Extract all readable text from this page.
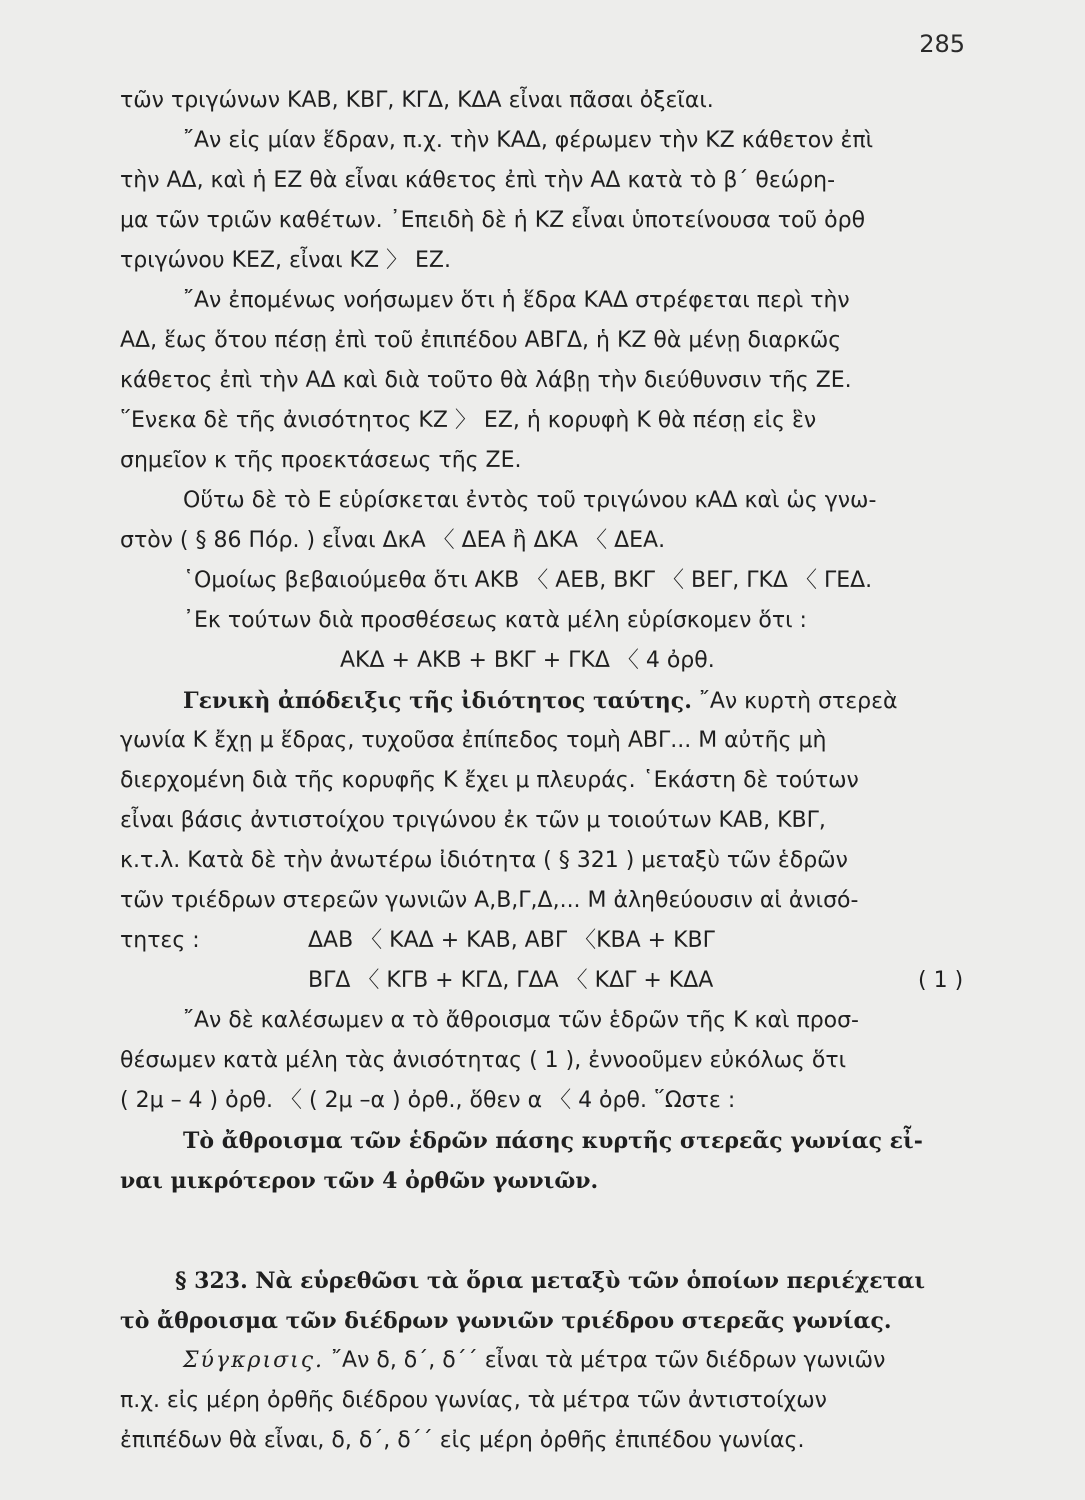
285
τῶν τριγώνων ΚΑΒ, ΚΒΓ, ΚΓΔ, ΚΔΑ εἶναι πᾶσαι ὀξεῖαι.
῎Αν εἰς μίαν ἕδραν, π.χ. τὴν ΚΑΔ, φέρωμεν τὴν ΚΖ κάθετον ἐπὶ
τὴν ΑΔ, καὶ ἡ ΕΖ θὰ εἶναι κάθετος ἐπὶ τὴν ΑΔ κατὰ τὸ β΄ θεώρη-
μα τῶν τριῶν καθέτων. ᾿Επειδὴ δὲ ἡ ΚΖ εἶναι ὑποτείνουσα τοῦ ὀρθ
τριγώνου ΚΕΖ, εἶναι ΚΖ 〉 ΕΖ.
῎Αν ἐπομένως νοήσωμεν ὅτι ἡ ἕδρα ΚΑΔ στρέφεται περὶ τὴν
ΑΔ, ἕως ὅτου πέσῃ ἐπὶ τοῦ ἐπιπέδου ΑΒΓΔ, ἡ ΚΖ θὰ μένῃ διαρκῶς
κάθετος ἐπὶ τὴν ΑΔ καὶ διὰ τοῦτο θὰ λάβῃ τὴν διεύθυνσιν τῆς ΖΕ.
῞Ενεκα δὲ τῆς ἀνισότητος ΚΖ 〉 ΕΖ, ἡ κορυφὴ Κ θὰ πέσῃ εἰς ἓν
σημεῖον κ τῆς προεκτάσεως τῆς ΖΕ.
Οὕτω δὲ τὸ Ε εὑρίσκεται ἐντὸς τοῦ τριγώνου κΑΔ καὶ ὡς γνω-
στὸν ( § 86 Πόρ. ) εἶναι ΔκΑ 〈 ΔΕΑ ἢ ΔΚΑ 〈 ΔΕΑ.
῾Ομοίως βεβαιούμεθα ὅτι ΑΚΒ 〈 ΑΕΒ, ΒΚΓ 〈 ΒΕΓ, ΓΚΔ 〈 ΓΕΔ.
᾿Εκ τούτων διὰ προσθέσεως κατὰ μέλη εὑρίσκομεν ὅτι :
ΑΚΔ + ΑΚΒ + ΒΚΓ + ΓΚΔ 〈 4 ὀρθ.
Γενικὴ ἀπόδειξις τῆς ἰδιότητος ταύτης. ῎Αν κυρτὴ στερεὰ
γωνία Κ ἔχῃ μ ἕδρας, τυχοῦσα ἐπίπεδος τομὴ ΑΒΓ... Μ αὐτῆς μὴ
διερχομένη διὰ τῆς κορυφῆς Κ ἔχει μ πλευράς. ῾Εκάστη δὲ τούτων
εἶναι βάσις ἀντιστοίχου τριγώνου ἐκ τῶν μ τοιούτων ΚΑΒ, ΚΒΓ,
κ.τ.λ. Κατὰ δὲ τὴν ἀνωτέρω ἰδιότητα ( § 321 ) μεταξὺ τῶν ἑδρῶν
τῶν τριέδρων στερεῶν γωνιῶν Α,Β,Γ,Δ,... Μ ἀληθεύουσιν αἱ ἀνισό-
τητες :	ΔΑΒ 〈 ΚΑΔ + ΚΑΒ, ΑΒΓ 〈ΚΒΑ + ΚΒΓ
ΒΓΔ 〈 ΚΓΒ + ΚΓΔ, ΓΔΑ 〈 ΚΔΓ + ΚΔΑ	( 1 )
῎Αν δὲ καλέσωμεν α τὸ ἄθροισμα τῶν ἑδρῶν τῆς Κ καὶ προσ-
θέσωμεν κατὰ μέλη τὰς ἀνισότητας ( 1 ), ἐννοοῦμεν εὐκόλως ὅτι
( 2μ – 4 ) ὀρθ. 〈 ( 2μ –α ) ὀρθ., ὅθεν α 〈 4 ὀρθ. ῞Ωστε :
Τὸ ἄθροισμα τῶν ἑδρῶν πάσης κυρτῆς στερεᾶς γωνίας εἶ-
ναι μικρότερον τῶν 4 ὀρθῶν γωνιῶν.
§ 323. Νὰ εὑρεθῶσι τὰ ὅρια μεταξὺ τῶν ὁποίων περιέχεται
τὸ ἄθροισμα τῶν διέδρων γωνιῶν τριέδρου στερεᾶς γωνίας.
Σύγκρισις. ῎Αν δ, δ΄, δ΄΄ εἶναι τὰ μέτρα τῶν διέδρων γωνιῶν
π.χ. εἰς μέρη ὀρθῆς διέδρου γωνίας, τὰ μέτρα τῶν ἀντιστοίχων
ἐπιπέδων θὰ εἶναι, δ, δ΄, δ΄΄ εἰς μέρη ὀρθῆς ἐπιπέδου γωνίας.
